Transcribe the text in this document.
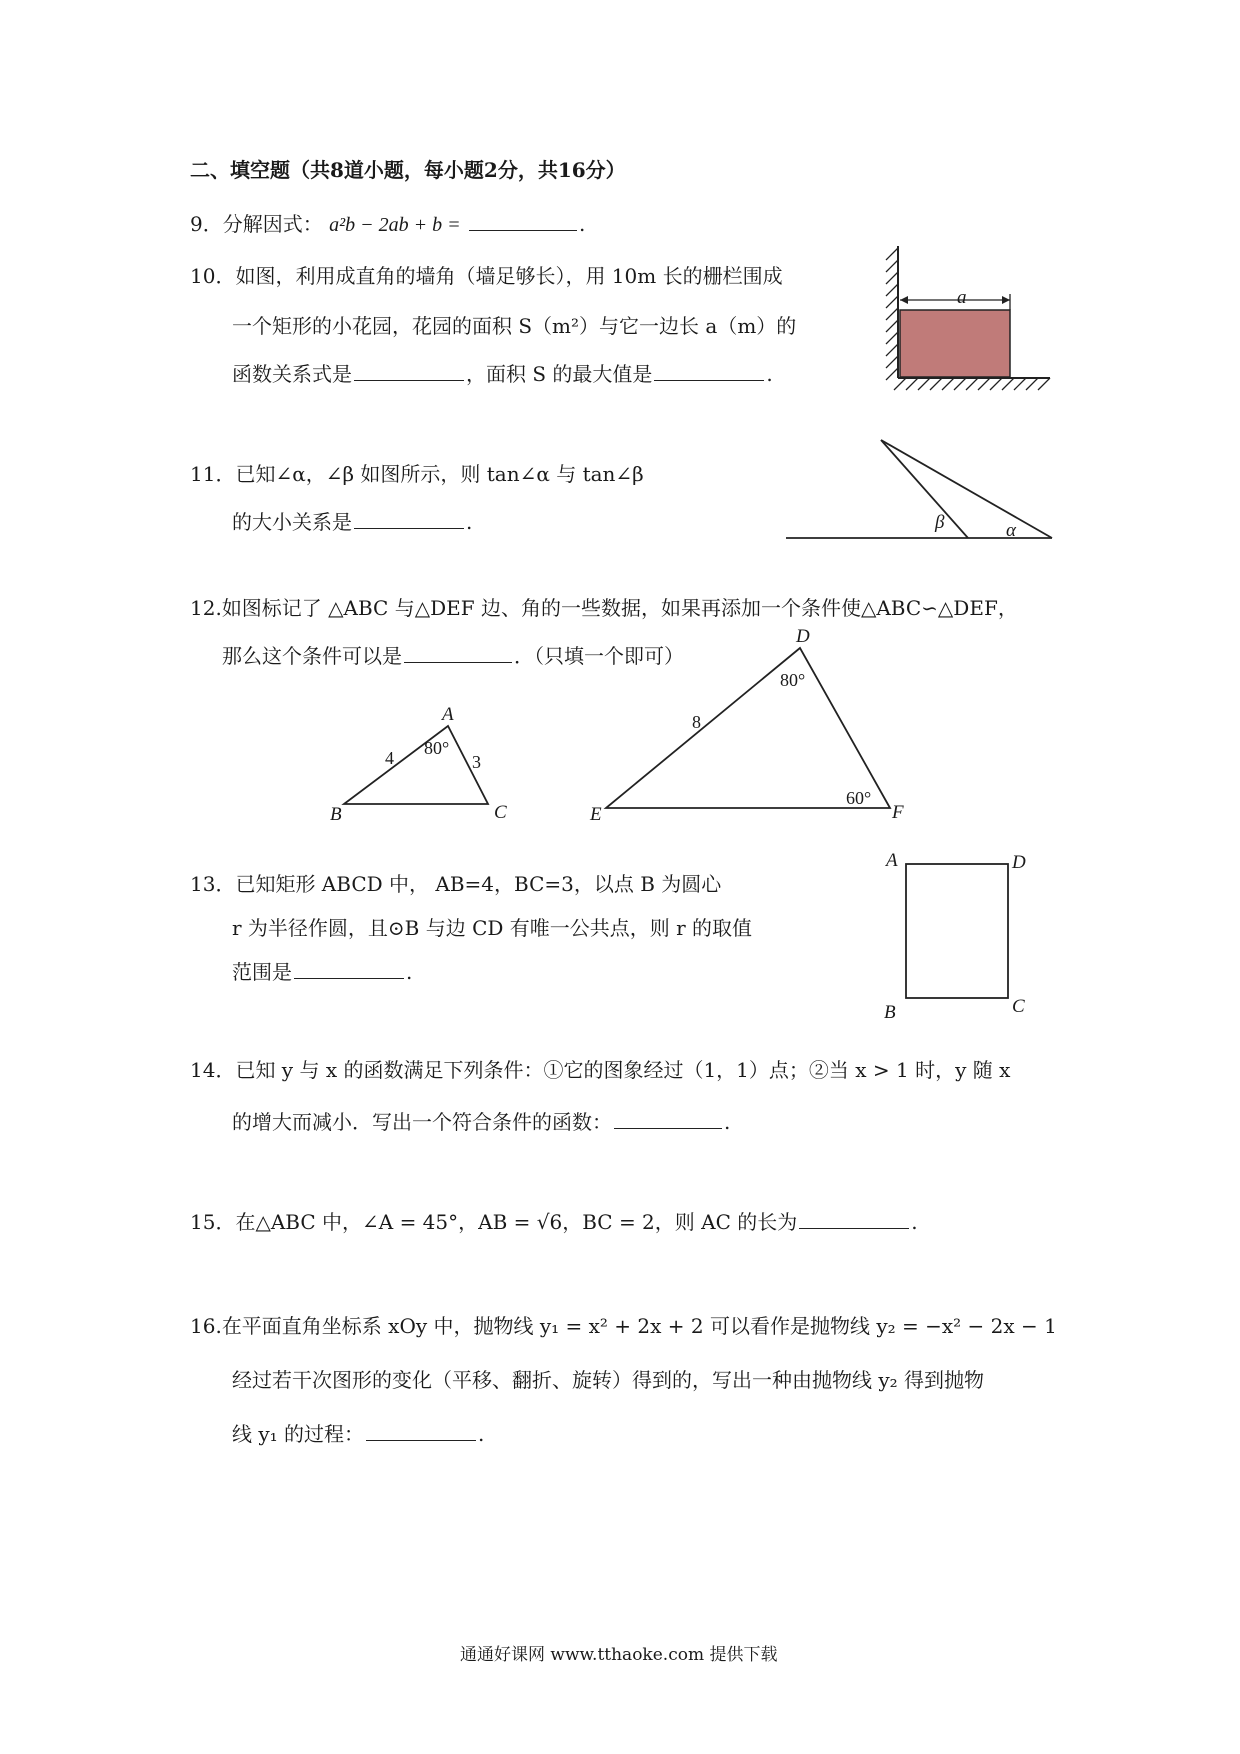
二、填空题（共8道小题，每小题2分，共16分）
9．分解因式： a²b − 2ab + b =	.
10．如图，利用成直角的墙角（墙足够长），用 10m 长的栅栏围成
一个矩形的小花园，花园的面积 S（m²）与它一边长 a（m）的
函数关系式是	，面积 S 的最大值是	.
a
11．已知∠α，∠β 如图所示，则 tan∠α 与 tan∠β
的大小关系是	.	β	α
12.如图标记了 △ABC 与△DEF 边、角的一些数据，如果再添加一个条件使△ABC∽△DEF，
那么这个条件可以是	．（只填一个即可）
A
B	C
4	3
80°
D
E	F
8
80°
60°
13．已知矩形 ABCD 中， AB=4，BC=3，以点 B 为圆心
r 为半径作圆，且⊙B 与边 CD 有唯一公共点，则 r 的取值
范围是	.
A	D
B	C
14．已知 y 与 x 的函数满足下列条件：①它的图象经过（1，1）点；②当 x > 1 时，y 随 x
的增大而减小．写出一个符合条件的函数：	.
15．在△ABC 中，∠A = 45°，AB = √6，BC = 2，则 AC 的长为	.
16.在平面直角坐标系 xOy 中，抛物线 y₁ = x² + 2x + 2 可以看作是抛物线 y₂ = −x² − 2x − 1
经过若干次图形的变化（平移、翻折、旋转）得到的，写出一种由抛物线 y₂ 得到抛物
线 y₁ 的过程：	.
通通好课网 www.tthaoke.com 提供下载
